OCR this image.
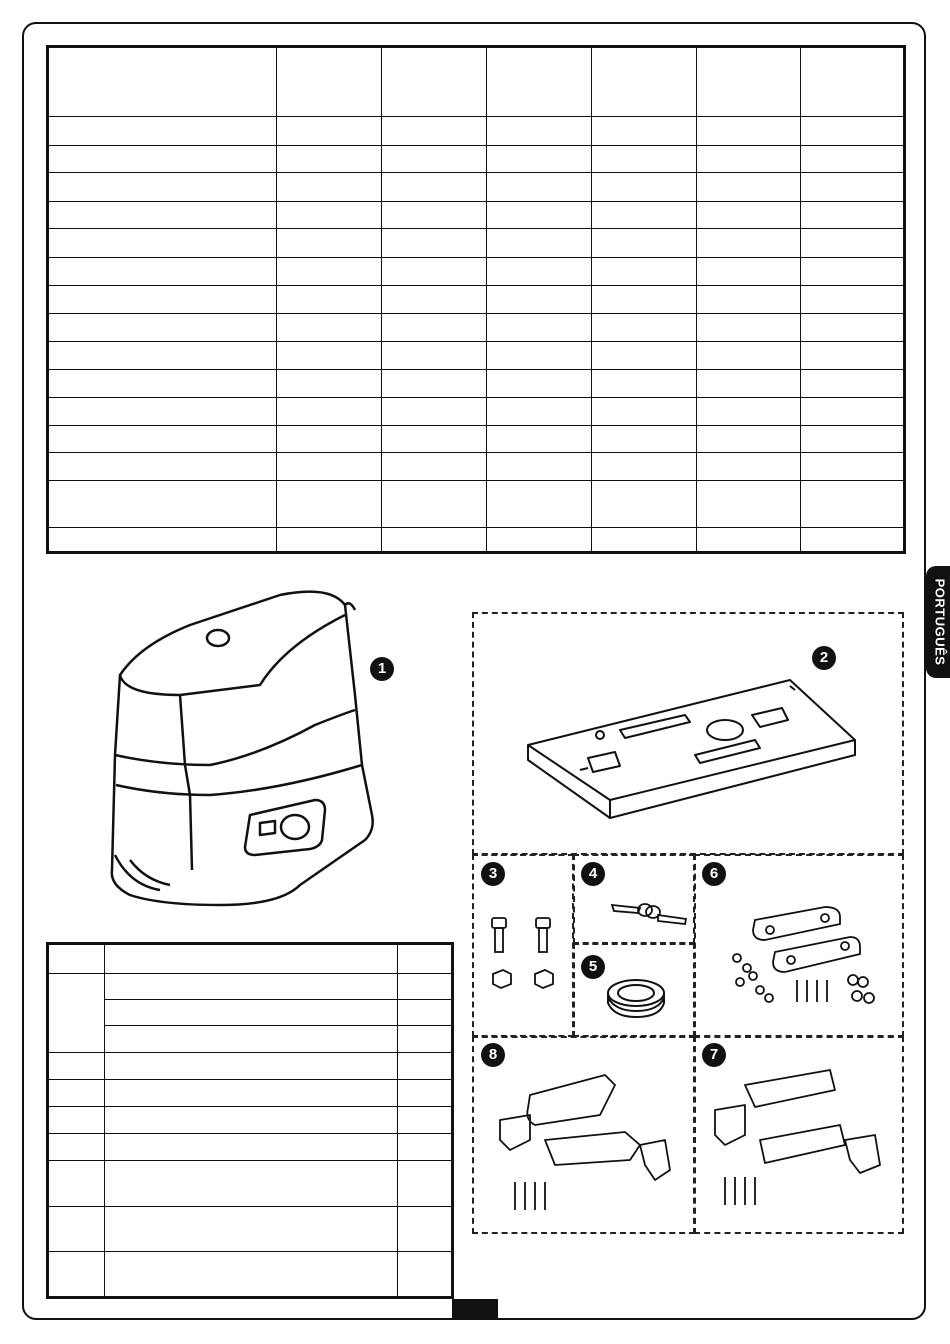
PORTUGUÊS
1
2
3	4
5
6
8	7
